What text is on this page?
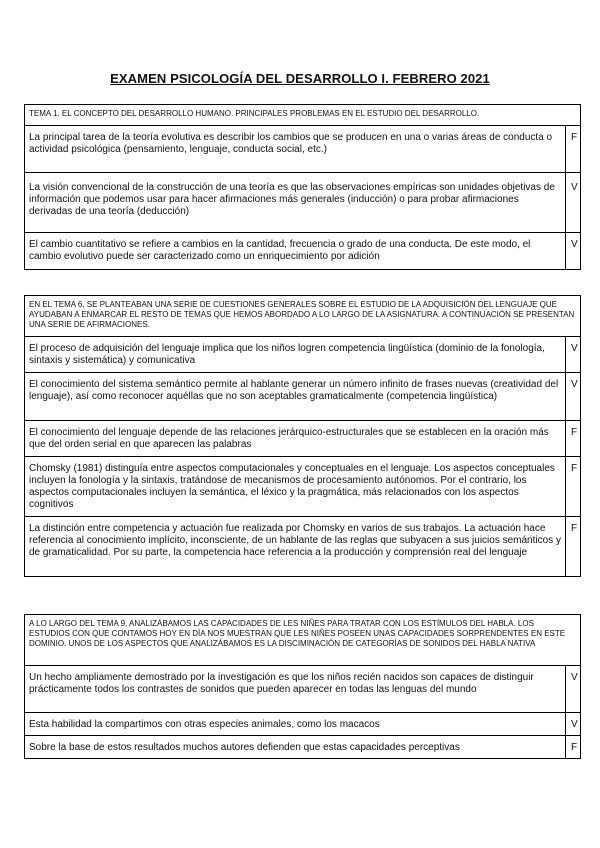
EXAMEN PSICOLOGÍA DEL DESARROLLO I. FEBRERO 2021
TEMA 1. EL CONCEPTO DEL DESARROLLO HUMANO. PRINCIPALES PROBLEMAS EN EL ESTUDIO DEL DESARROLLO.	
La principal tarea de la teoría evolutiva es describir los cambios que se producen en una o varias áreas de conducta o actividad psicológica (pensamiento, lenguaje, conducta social, etc.)	F
La visión convencional de la construcción de una teoría es que las observaciones empíricas son unidades objetivas de información que podemos usar para hacer afirmaciones más generales (inducción) o para probar afirmaciones derivadas de una teoría (deducción)	V
El cambio cuantitativo se refiere a cambios en la cantidad, frecuencia o grado de una conducta. De este modo, el cambio evolutivo puede ser caracterizado como un enriquecimiento por adición	V
EN EL TEMA 6, SE PLANTEABAN UNA SERIE DE CUESTIONES GENERALES SOBRE EL ESTUDIO DE LA ADQUISICIÓN DEL LENGUAJE QUE AYUDABAN A ENMARCAR EL RESTO DE TEMAS QUE HEMOS ABORDADO A LO LARGO DE LA ASIGNATURA. A CONTINUACIÓN SE PRESENTAN UNA SERIE DE AFIRMACIONES.	
El proceso de adquisición del lenguaje implica que los niños logren competencia lingüística (dominio de la fonología, sintaxis y sistemática) y comunicativa	V
El conocimiento del sistema semántico permite al hablante generar un número infinito de frases nuevas (creatividad del lenguaje), así como reconocer aquéllas que no son aceptables gramaticalmente (competencia lingüística)	V
El conocimiento del lenguaje depende de las relaciones jerárquico-estructurales que se establecen en la oración más que del orden serial en que aparecen las palabras	F
Chomsky (1981) distinguía entre aspectos computacionales y conceptuales en el lenguaje. Los aspectos conceptuales incluyen la fonología y la sintaxis, tratándose de mecanismos de procesamiento autónomos. Por el contrario, los aspectos computacionales incluyen la semántica, el léxico y la pragmática, más relacionados con los aspectos cognitivos	F
La distinción entre competencia y actuación fue realizada por Chomsky en varios de sus trabajos. La actuación hace referencia al conocimiento implícito, inconsciente, de un hablante de las reglas que subyacen a sus juicios semánticos y de gramaticalidad. Por su parte, la competencia hace referencia a la producción y comprensión real del lenguaje	F
A LO LARGO DEL TEMA 9, ANALIZÁBAMOS LAS CAPACIDADES DE LES NIÑES PARA TRATAR CON LOS ESTÍMULOS DEL HABLA. LOS ESTUDIOS CON QUE CONTAMOS HOY EN DÍA NOS MUESTRAN QUE LES NIÑES POSEEN UNAS CAPACIDADES SORPRENDENTES EN ESTE DOMINIO. UNOS DE LOS ASPECTOS QUE ANALIZÁBAMOS ES LA DISCIMINACIÓN DE CATEGORÍAS DE SONIDOS DEL HABLA NATIVA	
Un hecho ampliamente demostrado por la investigación es que los niños recién nacidos son capaces de distinguir prácticamente todos los contrastes de sonidos que pueden aparecer en todas las lenguas del mundo	V
Esta habilidad la compartimos con otras especies animales, como los macacos	V
Sobre la base de estos resultados muchos autores defienden que estas capacidades perceptivas	F
